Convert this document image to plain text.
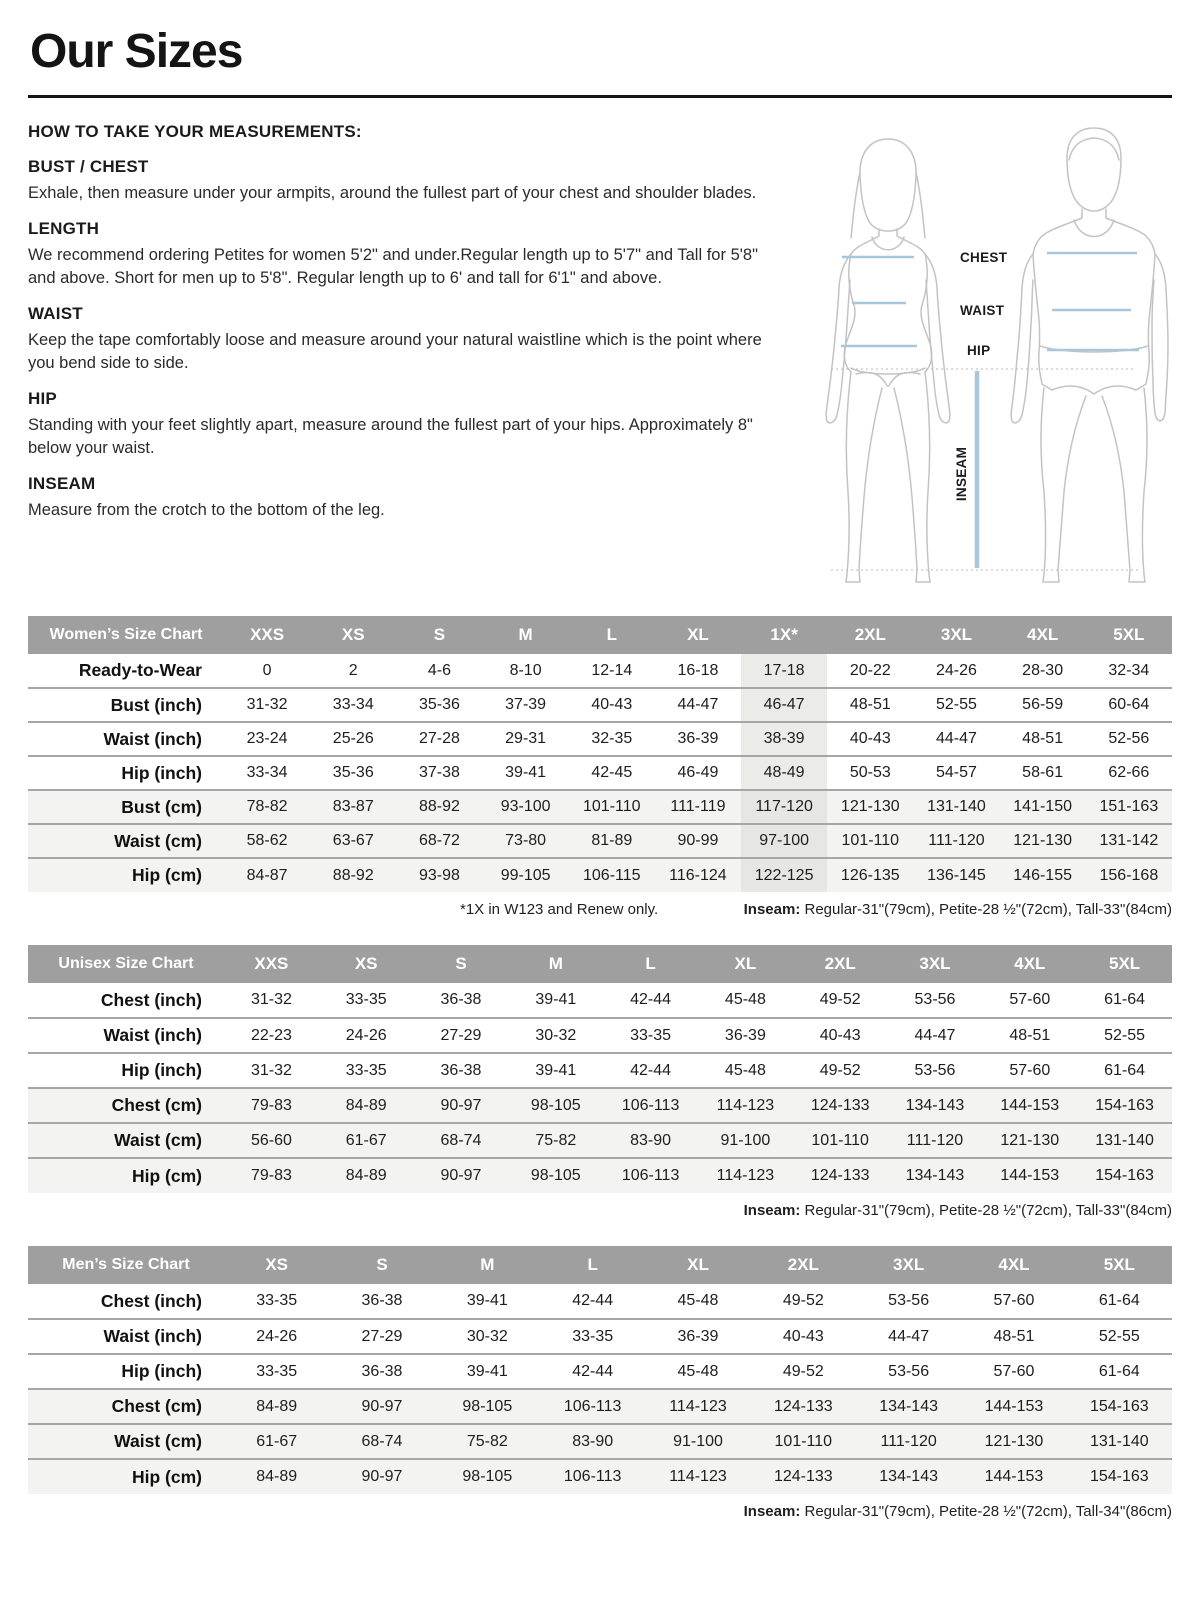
Our Sizes

HOW TO TAKE YOUR MEASUREMENTS:

BUST / CHEST

Exhale, then measure under your armpits, around the fullest part of your chest and shoulder blades.

LENGTH

We recommend ordering Petites for women 5'2" and under.Regular length up to 5'7" and Tall for 5'8" and above. Short for men up to 5'8". Regular length up to 6' and tall for 6'1" and above.

WAIST

Keep the tape comfortably loose and measure around your natural waistline which is the point where you bend side to side.

HIP

Standing with your feet slightly apart, measure around the fullest part of your hips. Approximately 8" below your waist.

INSEAM

Measure from the crotch to the bottom of the leg.

CHEST
WAIST
HIP
INSEAM
Women’s Size Chart	XXS	XS	S	M	L	XL	1X*	2XL	3XL	4XL	5XL
Ready-to-Wear	0	2	4-6	8-10	12-14	16-18	17-18	20-22	24-26	28-30	32-34
Bust (inch)	31-32	33-34	35-36	37-39	40-43	44-47	46-47	48-51	52-55	56-59	60-64
Waist (inch)	23-24	25-26	27-28	29-31	32-35	36-39	38-39	40-43	44-47	48-51	52-56
Hip (inch)	33-34	35-36	37-38	39-41	42-45	46-49	48-49	50-53	54-57	58-61	62-66
Bust (cm)	78-82	83-87	88-92	93-100	101-110	111-119	117-120	121-130	131-140	141-150	151-163
Waist (cm)	58-62	63-67	68-72	73-80	81-89	90-99	97-100	101-110	111-120	121-130	131-142
Hip (cm)	84-87	88-92	93-98	99-105	106-115	116-124	122-125	126-135	136-145	146-155	156-168
*1X in W123 and Renew only.	Inseam: Regular-31"(79cm), Petite-28 ½"(72cm), Tall-33"(84cm)
Unisex Size Chart	XXS	XS	S	M	L	XL	2XL	3XL	4XL	5XL
Chest (inch)	31-32	33-35	36-38	39-41	42-44	45-48	49-52	53-56	57-60	61-64
Waist (inch)	22-23	24-26	27-29	30-32	33-35	36-39	40-43	44-47	48-51	52-55
Hip (inch)	31-32	33-35	36-38	39-41	42-44	45-48	49-52	53-56	57-60	61-64
Chest (cm)	79-83	84-89	90-97	98-105	106-113	114-123	124-133	134-143	144-153	154-163
Waist (cm)	56-60	61-67	68-74	75-82	83-90	91-100	101-110	111-120	121-130	131-140
Hip (cm)	79-83	84-89	90-97	98-105	106-113	114-123	124-133	134-143	144-153	154-163
Inseam: Regular-31"(79cm), Petite-28 ½"(72cm), Tall-33"(84cm)
Men’s Size Chart	XS	S	M	L	XL	2XL	3XL	4XL	5XL
Chest (inch)	33-35	36-38	39-41	42-44	45-48	49-52	53-56	57-60	61-64
Waist (inch)	24-26	27-29	30-32	33-35	36-39	40-43	44-47	48-51	52-55
Hip (inch)	33-35	36-38	39-41	42-44	45-48	49-52	53-56	57-60	61-64
Chest (cm)	84-89	90-97	98-105	106-113	114-123	124-133	134-143	144-153	154-163
Waist (cm)	61-67	68-74	75-82	83-90	91-100	101-110	111-120	121-130	131-140
Hip (cm)	84-89	90-97	98-105	106-113	114-123	124-133	134-143	144-153	154-163
Inseam: Regular-31"(79cm), Petite-28 ½"(72cm), Tall-34"(86cm)
